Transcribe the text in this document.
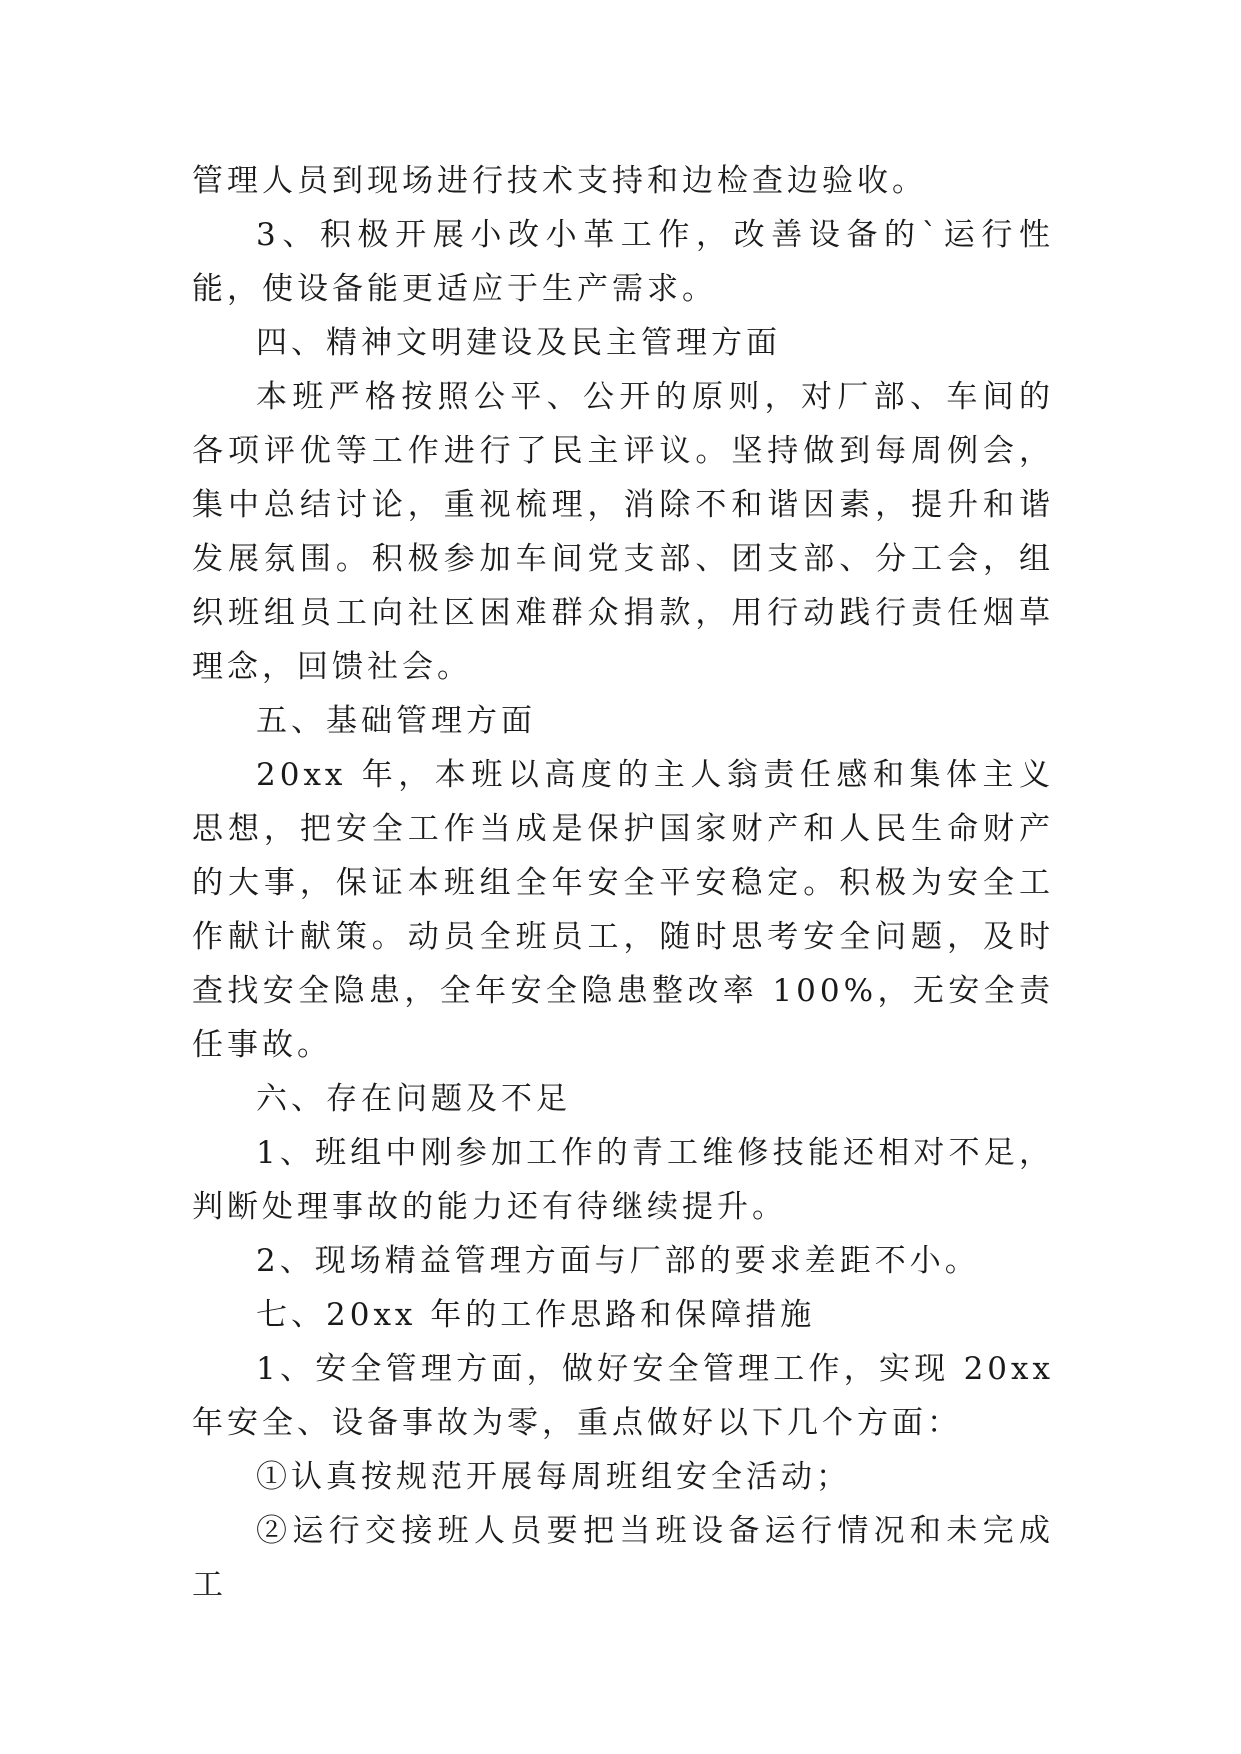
管理人员到现场进行技术支持和边检查边验收。

3、积极开展小改小革工作，改善设备的`运行性能，使设备能更适应于生产需求。

四、精神文明建设及民主管理方面

本班严格按照公平、公开的原则，对厂部、车间的各项评优等工作进行了民主评议。坚持做到每周例会，集中总结讨论，重视梳理，消除不和谐因素，提升和谐发展氛围。积极参加车间党支部、团支部、分工会，组织班组员工向社区困难群众捐款，用行动践行责任烟草理念，回馈社会。

五、基础管理方面

20xx 年，本班以高度的主人翁责任感和集体主义思想，把安全工作当成是保护国家财产和人民生命财产的大事，保证本班组全年安全平安稳定。积极为安全工作献计献策。动员全班员工，随时思考安全问题，及时查找安全隐患，全年安全隐患整改率 100%，无安全责任事故。

六、存在问题及不足

1、班组中刚参加工作的青工维修技能还相对不足，判断处理事故的能力还有待继续提升。

2、现场精益管理方面与厂部的要求差距不小。

七、20xx 年的工作思路和保障措施

1、安全管理方面，做好安全管理工作，实现 20xx 年安全、设备事故为零，重点做好以下几个方面：

①认真按规范开展每周班组安全活动；

②运行交接班人员要把当班设备运行情况和未完成工
